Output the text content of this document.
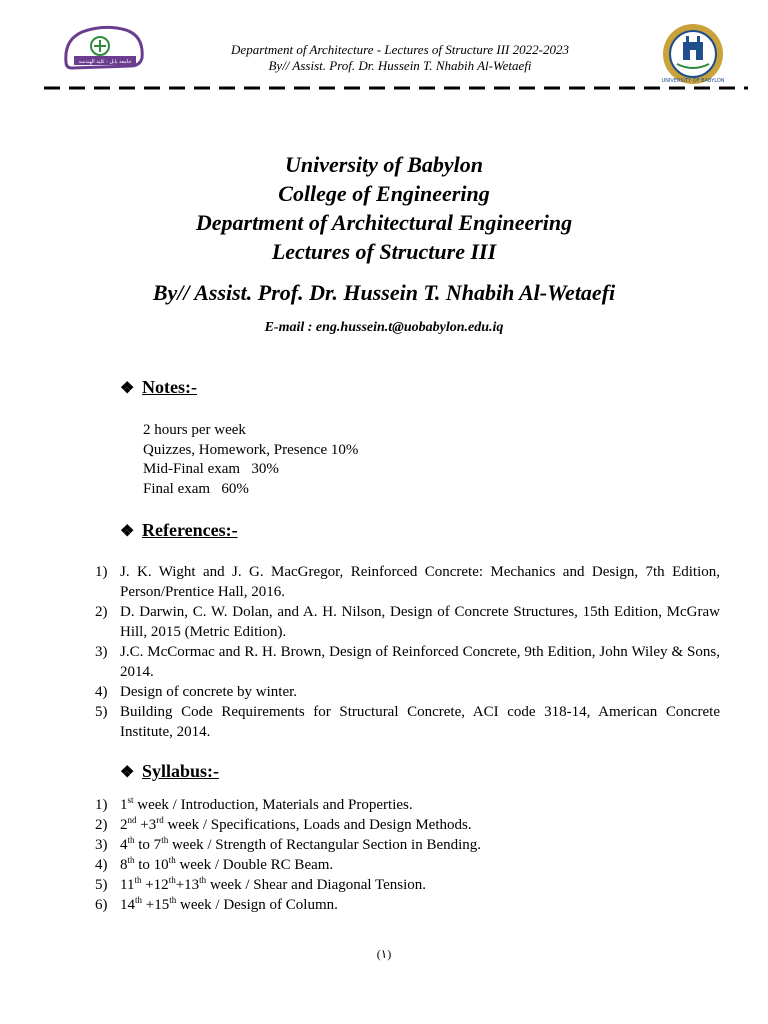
جامعة بابل - كلية الهندسة
Department of Architecture - Lectures of Structure III 2022-2023
By// Assist. Prof. Dr. Hussein T. Nhabih Al-Wetaefi
UNIVERSITY OF BABYLON
University of Babylon
College of Engineering
Department of Architectural Engineering
Lectures of Structure III
By// Assist. Prof. Dr. Hussein T. Nhabih Al-Wetaefi
E-mail : eng.hussein.t@uobabylon.edu.iq
❖ Notes:-
2 hours per week
Quizzes, Homework, Presence 10%
Mid-Final exam   30%
Final exam   60%
❖ References:-
1) J. K. Wight and J. G. MacGregor, Reinforced Concrete: Mechanics and Design, 7th Edition, Person/Prentice Hall, 2016.
2) D. Darwin, C. W. Dolan, and A. H. Nilson, Design of Concrete Structures, 15th Edition, McGraw Hill, 2015 (Metric Edition).
3) J.C. McCormac and R. H. Brown, Design of Reinforced Concrete, 9th Edition, John Wiley & Sons, 2014.
4) Design of concrete by winter.
5) Building Code Requirements for Structural Concrete, ACI code 318-14, American Concrete Institute, 2014.
❖ Syllabus:-
1) 1st week / Introduction, Materials and Properties.
2) 2nd +3rd week / Specifications, Loads and Design Methods.
3) 4th to 7th week / Strength of Rectangular Section in Bending.
4) 8th to 10th week / Double RC Beam.
5) 11th +12th+13th week / Shear and Diagonal Tension.
6) 14th +15th week / Design of Column.
(١)
